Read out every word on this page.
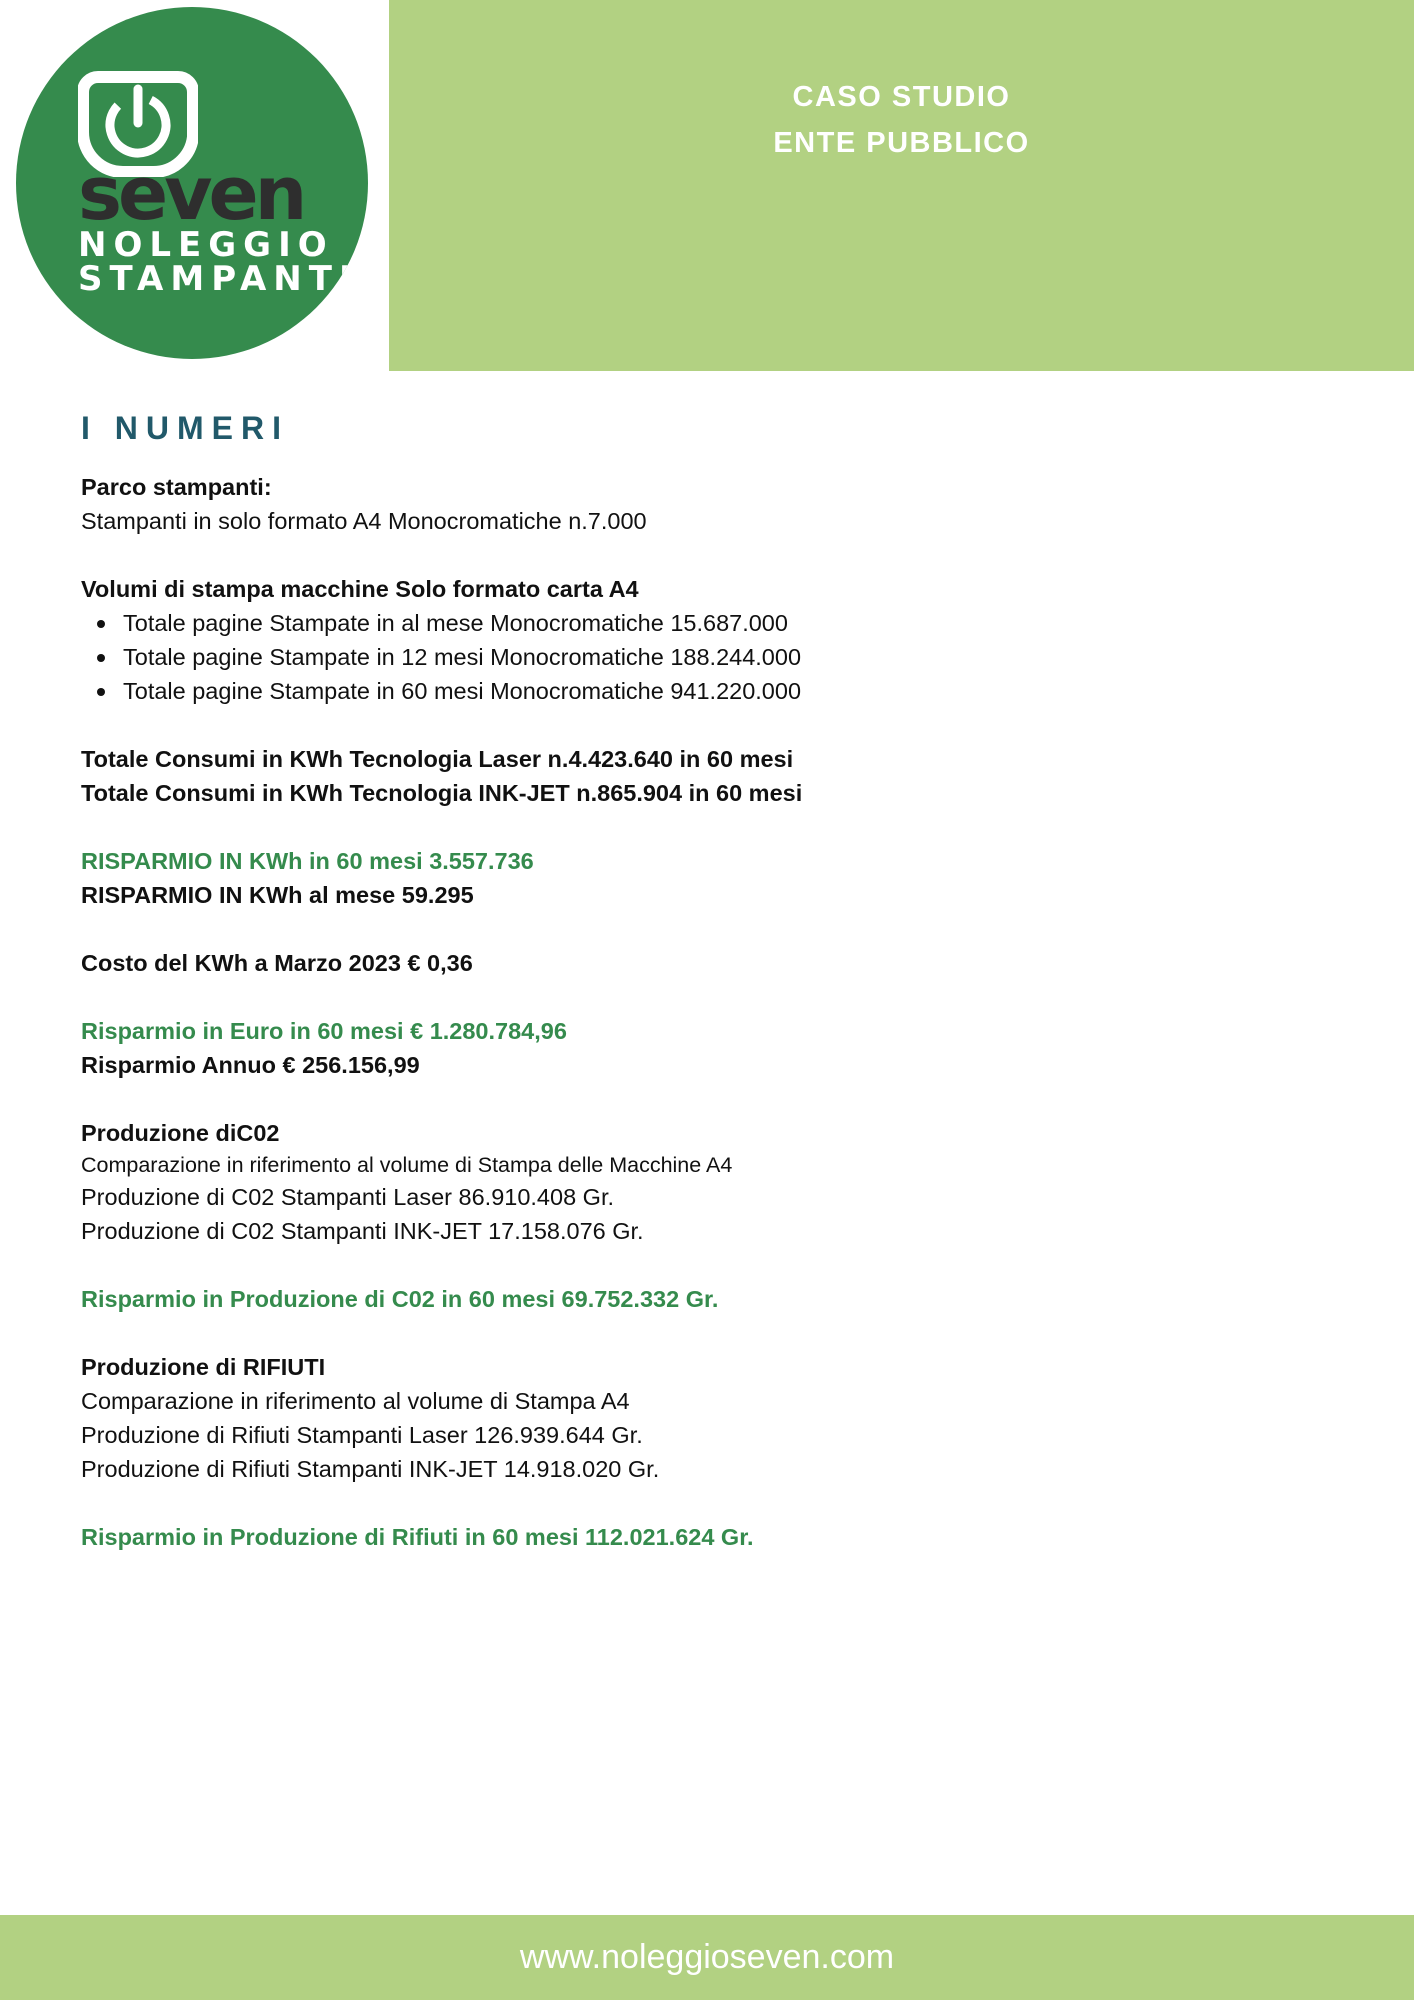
CASO STUDIO
ENTE PUBBLICO
seven
NOLEGGIO
STAMPANTI
I NUMERI
Parco stampanti:
Stampanti in solo formato A4 Monocromatiche n.7.000
Volumi di stampa macchine Solo formato carta A4
Totale pagine Stampate in al mese Monocromatiche 15.687.000
Totale pagine Stampate in 12 mesi Monocromatiche 188.244.000
Totale pagine Stampate in 60 mesi Monocromatiche 941.220.000
Totale Consumi in KWh Tecnologia Laser n.4.423.640 in 60 mesi
Totale Consumi in KWh Tecnologia INK-JET n.865.904 in 60 mesi
RISPARMIO IN KWh in 60 mesi 3.557.736
RISPARMIO IN KWh al mese 59.295
Costo del KWh a Marzo 2023 € 0,36
Risparmio in Euro in 60 mesi € 1.280.784,96
Risparmio Annuo € 256.156,99
Produzione diC02
Comparazione in riferimento al volume di Stampa delle Macchine A4
Produzione di C02 Stampanti Laser 86.910.408 Gr.
Produzione di C02 Stampanti INK-JET 17.158.076 Gr.
Risparmio in Produzione di C02 in 60 mesi 69.752.332 Gr.
Produzione di RIFIUTI
Comparazione in riferimento al volume di Stampa A4
Produzione di Rifiuti Stampanti Laser 126.939.644 Gr.
Produzione di Rifiuti Stampanti INK-JET 14.918.020 Gr.
Risparmio in Produzione di Rifiuti in 60 mesi 112.021.624 Gr.
www.noleggioseven.com
